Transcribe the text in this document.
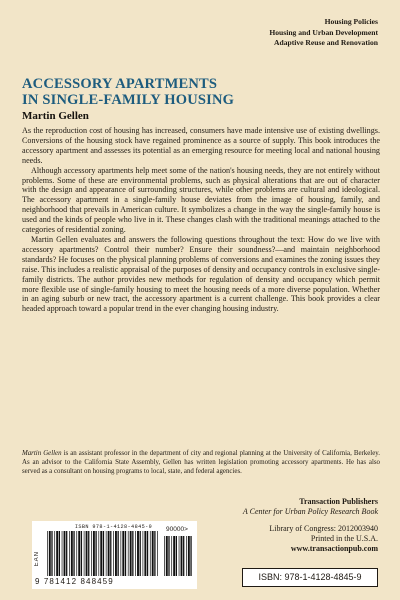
Housing Policies
Housing and Urban Development
Adaptive Reuse and Renovation
ACCESSORY APARTMENTS
IN SINGLE-FAMILY HOUSING
Martin Gellen

As the reproduction cost of housing has increased, consumers have made intensive use of existing dwellings. Conversions of the housing stock have regained prominence as a source of supply. This book introduces the accessory apartment and assesses its potential as an emerging resource for meeting local and national housing needs.

Although accessory apartments help meet some of the nation's housing needs, they are not entirely without problems. Some of these are environmental problems, such as physical alterations that are out of character with the design and appearance of surrounding structures, while other problems are cultural and ideological. The accessory apartment in a single-family house deviates from the image of housing, family, and neighborhood that prevails in American culture. It symbolizes a change in the way the single-family house is used and the kinds of people who live in it. These changes clash with the traditional meanings attached to the categories of residential zoning.

Martin Gellen evaluates and answers the following questions throughout the text: How do we live with accessory apartments? Control their number? Ensure their soundness?—and maintain neighborhood standards? He focuses on the physical planning problems of conversions and examines the zoning issues they raise. This includes a realistic appraisal of the purposes of density and occupancy controls in exclusive single-family districts. The author provides new methods for regulation of density and occupancy which permit more flexible use of single-family housing to meet the housing needs of a more diverse population. Whether in an aging suburb or new tract, the accessory apartment is a current challenge. This book provides a clear headed approach toward a popular trend in the ever changing housing industry.

Martin Gellen is an assistant professor in the department of city and regional planning at the University of California, Berkeley. As an advisor to the California State Assembly, Gellen has written legislation promoting accessory apartments. He has also served as a consultant on housing programs to local, state, and federal agencies.
ISBN 978-1-4128-4845-9
EAN
90000>
9 781412 848459
Transaction Publishers
A Center for Urban Policy Research Book
Library of Congress: 2012003940
Printed in the U.S.A.
www.transactionpub.com
ISBN: 978-1-4128-4845-9
